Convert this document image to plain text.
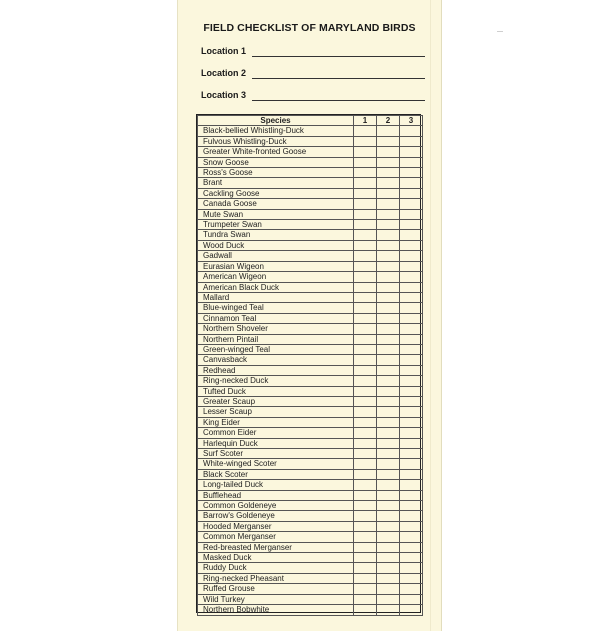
FIELD CHECKLIST OF MARYLAND BIRDS
Location 1
Location 2
Location 3
Species	1	2	3
Black-bellied Whistling-Duck			
Fulvous Whistling-Duck			
Greater White-fronted Goose			
Snow Goose			
Ross's Goose			
Brant			
Cackling Goose			
Canada Goose			
Mute Swan			
Trumpeter Swan			
Tundra Swan			
Wood Duck			
Gadwall			
Eurasian Wigeon			
American Wigeon			
American Black Duck			
Mallard			
Blue-winged Teal			
Cinnamon Teal			
Northern Shoveler			
Northern Pintail			
Green-winged Teal			
Canvasback			
Redhead			
Ring-necked Duck			
Tufted Duck			
Greater Scaup			
Lesser Scaup			
King Eider			
Common Eider			
Harlequin Duck			
Surf Scoter			
White-winged Scoter			
Black Scoter			
Long-tailed Duck			
Bufflehead			
Common Goldeneye			
Barrow's Goldeneye			
Hooded Merganser			
Common Merganser			
Red-breasted Merganser			
Masked Duck			
Ruddy Duck			
Ring-necked Pheasant			
Ruffed Grouse			
Wild Turkey			
Northern Bobwhite			
